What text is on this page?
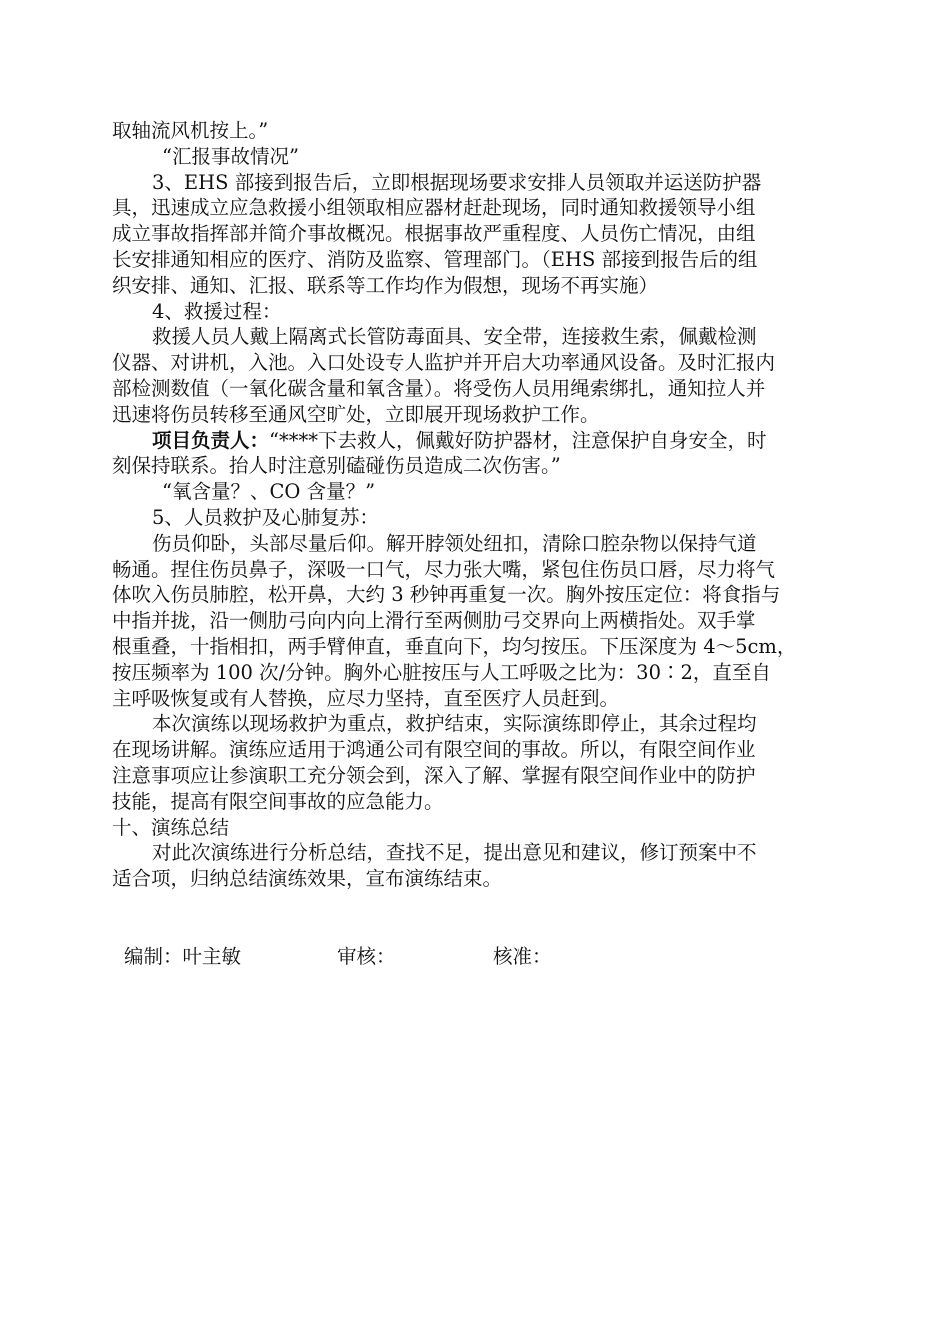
取轴流风机按上。”

“汇报事故情况”

3、EHS 部接到报告后，立即根据现场要求安排人员领取并运送防护器

具，迅速成立应急救援小组领取相应器材赶赴现场，同时通知救援领导小组

成立事故指挥部并简介事故概况。根据事故严重程度、人员伤亡情况，由组

长安排通知相应的医疗、消防及监察、管理部门。（EHS 部接到报告后的组

织安排、通知、汇报、联系等工作均作为假想，现场不再实施）

4、救援过程：

救援人员人戴上隔离式长管防毒面具、安全带，连接救生索，佩戴检测

仪器、对讲机，入池。入口处设专人监护并开启大功率通风设备。及时汇报内

部检测数值（一氧化碳含量和氧含量）。将受伤人员用绳索绑扎，通知拉人并

迅速将伤员转移至通风空旷处，立即展开现场救护工作。

项目负责人：“****下去救人，佩戴好防护器材，注意保护自身安全，时

刻保持联系。抬人时注意别磕碰伤员造成二次伤害。”

“氧含量？、CO 含量？”

5、人员救护及心肺复苏：

伤员仰卧，头部尽量后仰。解开脖领处纽扣，清除口腔杂物以保持气道

畅通。捏住伤员鼻子，深吸一口气，尽力张大嘴，紧包住伤员口唇，尽力将气

体吹入伤员肺腔，松开鼻，大约 3 秒钟再重复一次。胸外按压定位：将食指与

中指并拢，沿一侧肋弓向内向上滑行至两侧肋弓交界向上两横指处。双手掌

根重叠，十指相扣，两手臂伸直，垂直向下，均匀按压。下压深度为 4～5cm，

按压频率为 100 次/分钟。胸外心脏按压与人工呼吸之比为：30∶2，直至自

主呼吸恢复或有人替换，应尽力坚持，直至医疗人员赶到。

本次演练以现场救护为重点，救护结束，实际演练即停止，其余过程均

在现场讲解。演练应适用于鸿通公司有限空间的事故。所以，有限空间作业

注意事项应让参演职工充分领会到，深入了解、掌握有限空间作业中的防护

技能，提高有限空间事故的应急能力。

十、演练总结

对此次演练进行分析总结，查找不足，提出意见和建议，修订预案中不

适合项，归纳总结演练效果，宣布演练结束。

编制：叶主敏	审核：	核准：
